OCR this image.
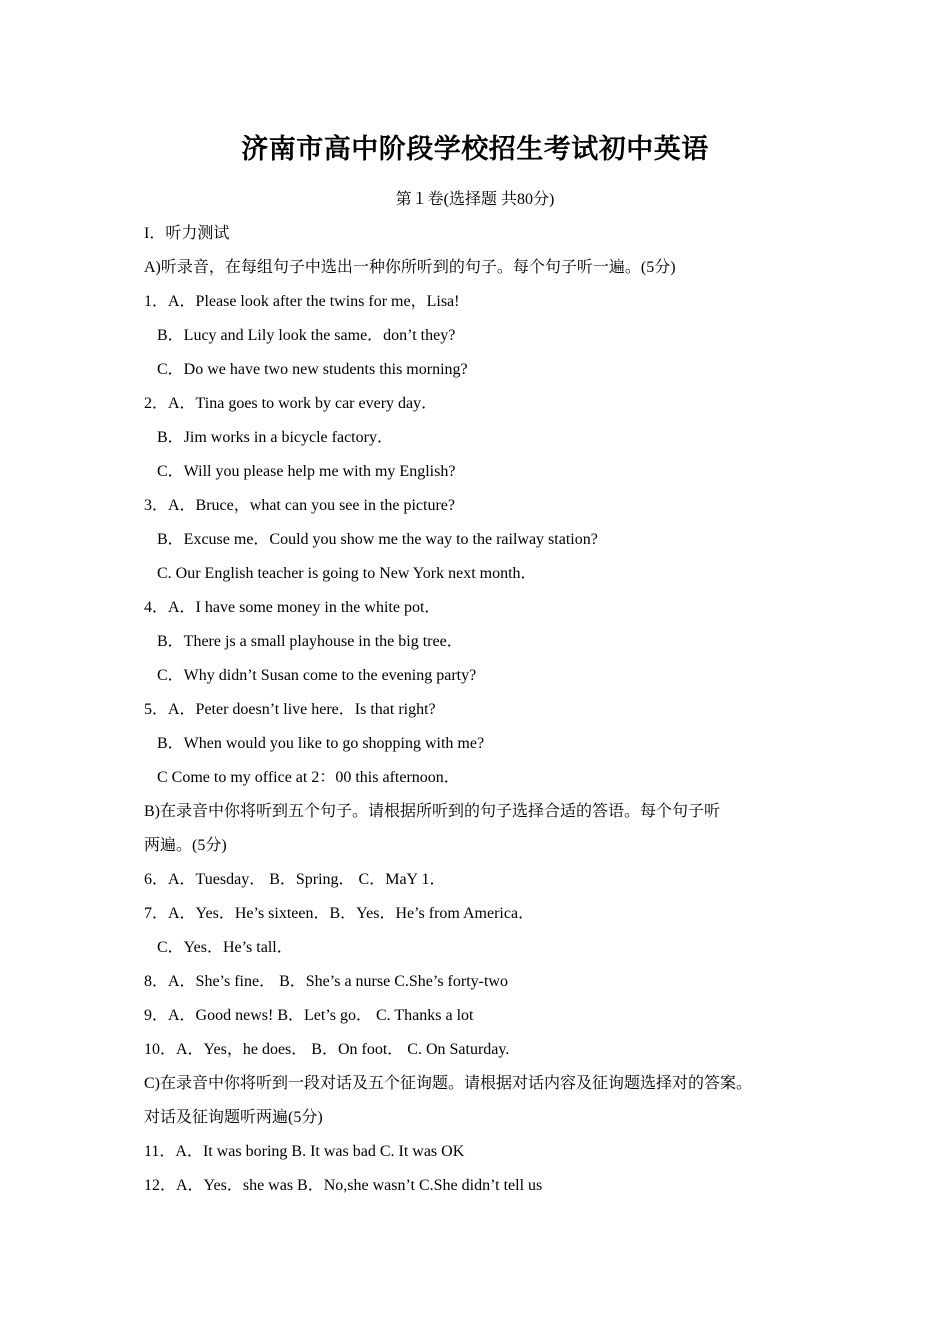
济南市高中阶段学校招生考试初中英语
第１卷(选择题 共80分)
I．听力测试
A)听录音，在每组句子中选出一种你所听到的句子。每个句子听一遍。(5分)
1．A．Please look after the twins for me，Lisa!
B．Lucy and Lily look the same．don’t they?
C．Do we have two new students this morning?
2．A．Tina goes to work by car every day．
B．Jim works in a bicycle factory．
C．Will you please help me with my English?
3．A．Bruce，what can you see in the picture?
B．Excuse me．Could you show me the way to the railway station?
C. Our English teacher is going to New York next month．
4．A．I have some money in the white pot．
B．There js a small playhouse in the big tree．
C．Why didn’t Susan come to the evening party?
5．A．Peter doesn’t live here．Is that right?
B．When would you like to go shopping with me?
C Come to my office at 2：00 this afternoon．
B)在录音中你将听到五个句子。请根据所听到的句子选择合适的答语。每个句子听
两遍。(5分)
6．A．Tuesday． B．Spring． C．MaY 1．
7．A．Yes．He’s sixteen．B．Yes．He’s from America．
C．Yes．He’s tall．
8．A．She’s fine． B．She’s a nurse C.She’s forty-two
9．A．Good news! B．Let’s go． C. Thanks a lot
10．A．Yes，he does． B．On foot． C. On Saturday.
C)在录音中你将听到一段对话及五个征询题。请根据对话内容及征询题选择对的答案。
对话及征询题听两遍(5分)
11．A．It was boring B. It was bad C. It was OK
12．A．Yes．she was B．No,she wasn’t C.She didn’t tell us
